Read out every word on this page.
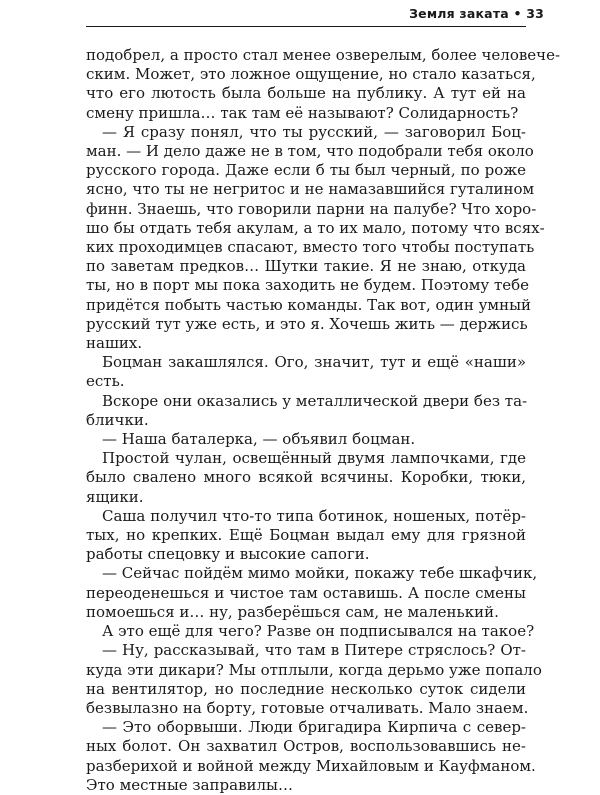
Земля заката • 33

подобрел, а просто стал менее озверелым, более человече-
ским. Может, это ложное ощущение, но стало казаться,
что его лютость была больше на публику. А тут ей на
смену пришла… так там её называют? Солидарность?

— Я сразу понял, что ты русский, — заговорил Боц-
ман. — И дело даже не в том, что подобрали тебя около
русского города. Даже если б ты был черный, по роже
ясно, что ты не негритос и не намазавшийся гуталином
финн. Знаешь, что говорили парни на палубе? Что хоро-
шо бы отдать тебя акулам, а то их мало, потому что всях-
ких проходимцев спасают, вместо того чтобы поступать
по заветам предков… Шутки такие. Я не знаю, откуда
ты, но в порт мы пока заходить не будем. Поэтому тебе
придётся побыть частью команды. Так вот, один умный
русский тут уже есть, и это я. Хочешь жить — держись
наших.

Боцман закашлялся. Ого, значит, тут и ещё «наши»
есть.

Вскоре они оказались у металлической двери без та-
блички.

— Наша баталерка, — объявил боцман.

Простой чулан, освещённый двумя лампочками, где
было свалено много всякой всячины. Коробки, тюки,
ящики.

Саша получил что-то типа ботинок, ношеных, потёр-
тых, но крепких. Ещё Боцман выдал ему для грязной
работы спецовку и высокие сапоги.

— Сейчас пойдём мимо мойки, покажу тебе шкафчик,
переоденешься и чистое там оставишь. А после смены
помоешься и… ну, разберёшься сам, не маленький.

А это ещё для чего? Разве он подписывался на такое?

— Ну, рассказывай, что там в Питере стряслось? От-
куда эти дикари? Мы отплыли, когда дерьмо уже попало
на вентилятор, но последние несколько суток сидели
безвылазно на борту, готовые отчаливать. Мало знаем.

— Это оборвыши. Люди бригадира Кирпича с север-
ных болот. Он захватил Остров, воспользовавшись не-
разберихой и войной между Михайловым и Кауфманом.
Это местные заправилы…
